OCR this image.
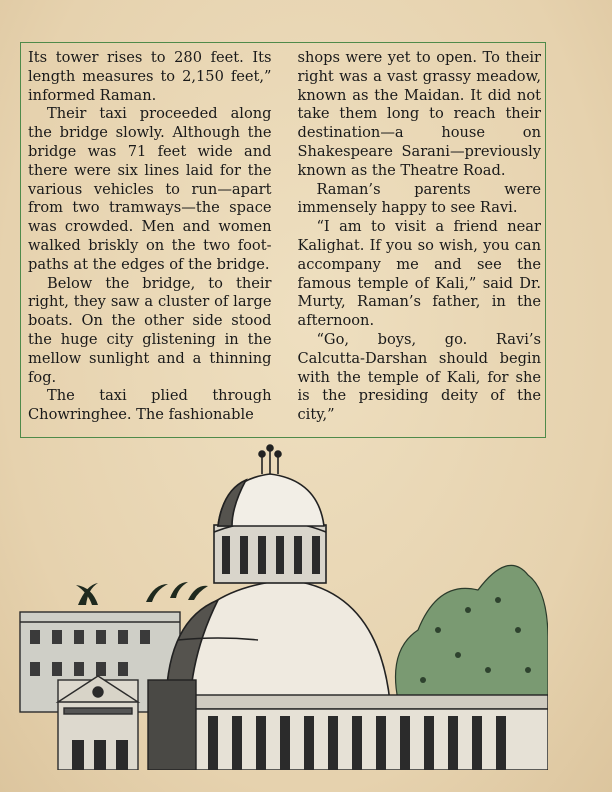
Its tower rises to 280 feet. Its length measures to 2,150 feet,” informed Raman.

Their taxi proceeded along the bridge slowly. Although the bridge was 71 feet wide and there were six lines laid for the various vehicles to run—apart from two tramways—the space was crowded. Men and women walked briskly on the two foot-paths at the edges of the bridge.

Below the bridge, to their right, they saw a cluster of large boats. On the other side stood the huge city glistening in the mellow sunlight and a thinning fog.

The taxi plied through Chowringhee. The fashionable

shops were yet to open. To their right was a vast grassy meadow, known as the Maidan. It did not take them long to reach their destination—a house on Shakespeare Sarani—previously known as the Theatre Road.

Raman’s parents were immensely happy to see Ravi.

“I am to visit a friend near Kalighat. If you so wish, you can accompany me and see the famous temple of Kali,” said Dr. Murty, Raman’s father, in the afternoon.

“Go, boys, go. Ravi’s Calcutta-Darshan should begin with the temple of Kali, for she is the presiding deity of the city,”
